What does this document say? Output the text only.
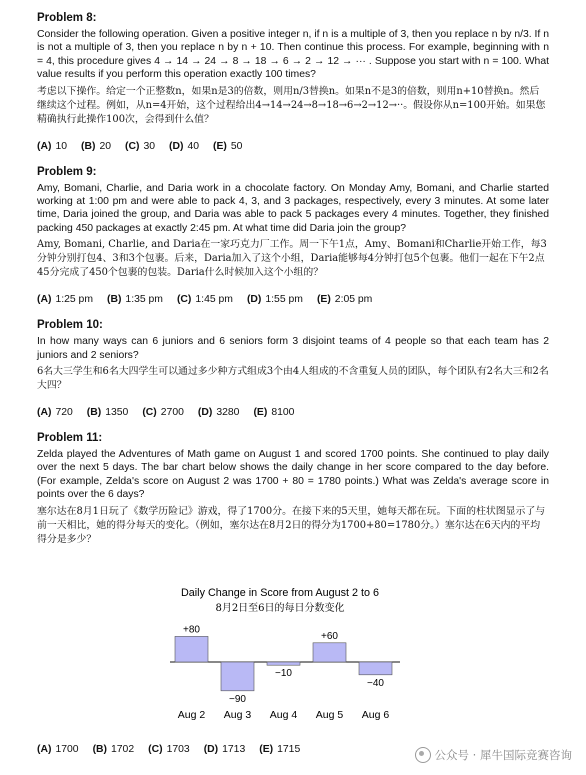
Problem 8:

Consider the following operation. Given a positive integer n, if n is a multiple of 3, then you replace n by n/3. If n is not a multiple of 3, then you replace n by n + 10. Then continue this process. For example, beginning with n = 4, this procedure gives 4 → 14 → 24 → 8 → 18 → 6 → 2 → 12 → ··· . Suppose you start with n = 100. What value results if you perform this operation exactly 100 times?

考虑以下操作。给定一个正整数n，如果n是3的倍数，则用n/3替换n。如果n不是3的倍数，则用n+10替换n。然后继续这个过程。例如，从n=4开始，这个过程给出4→14→24→8→18→6→2→12→··。假设你从n=100开始。如果您精确执行此操作100次，会得到什么值？

(A) 10 (B) 20 (C) 30 (D) 40 (E) 50

Problem 9:

Amy, Bomani, Charlie, and Daria work in a chocolate factory. On Monday Amy, Bomani, and Charlie started working at 1:00 pm and were able to pack 4, 3, and 3 packages, respectively, every 3 minutes. At some later time, Daria joined the group, and Daria was able to pack 5 packages every 4 minutes. Together, they finished packing 450 packages at exactly 2:45 pm. At what time did Daria join the group?

Amy, Bomani, Charlie, and Daria在一家巧克力厂工作。周一下午1点，Amy、Bomani和Charlie开始工作，每3分钟分别打包4、3和3个包裹。后来，Daria加入了这个小组，Daria能够每4分钟打包5个包裹。他们一起在下午2点45分完成了450个包裹的包装。Daria什么时候加入这个小组的？

(A) 1:25 pm (B) 1:35 pm (C) 1:45 pm (D) 1:55 pm (E) 2:05 pm

Problem 10:

In how many ways can 6 juniors and 6 seniors form 3 disjoint teams of 4 people so that each team has 2 juniors and 2 seniors?

6名大三学生和6名大四学生可以通过多少种方式组成3个由4人组成的不含重复人员的团队，每个团队有2名大三和2名大四？

(A) 720 (B) 1350 (C) 2700 (D) 3280 (E) 8100

Problem 11:

Zelda played the Adventures of Math game on August 1 and scored 1700 points. She continued to play daily over the next 5 days. The bar chart below shows the daily change in her score compared to the day before. (For example, Zelda's score on August 2 was 1700 + 80 = 1780 points.) What was Zelda's average score in points over the 6 days?

塞尔达在8月1日玩了《数学历险记》游戏，得了1700分。在接下来的5天里，她每天都在玩。下面的柱状图显示了与前一天相比，她的得分每天的变化。（例如，塞尔达在8月2日的得分为1700+80=1780分。）塞尔达在6天内的平均得分是多少？

Daily Change in Score from August 2 to 6
8月2日至6日的每日分数变化
+80
Aug 2
−90
Aug 3
−10
Aug 4
+60
Aug 5
−40
Aug 6
(A) 1700 (B) 1702 (C) 1703 (D) 1713 (E) 1715	公众号 · 犀牛国际竞赛咨询
